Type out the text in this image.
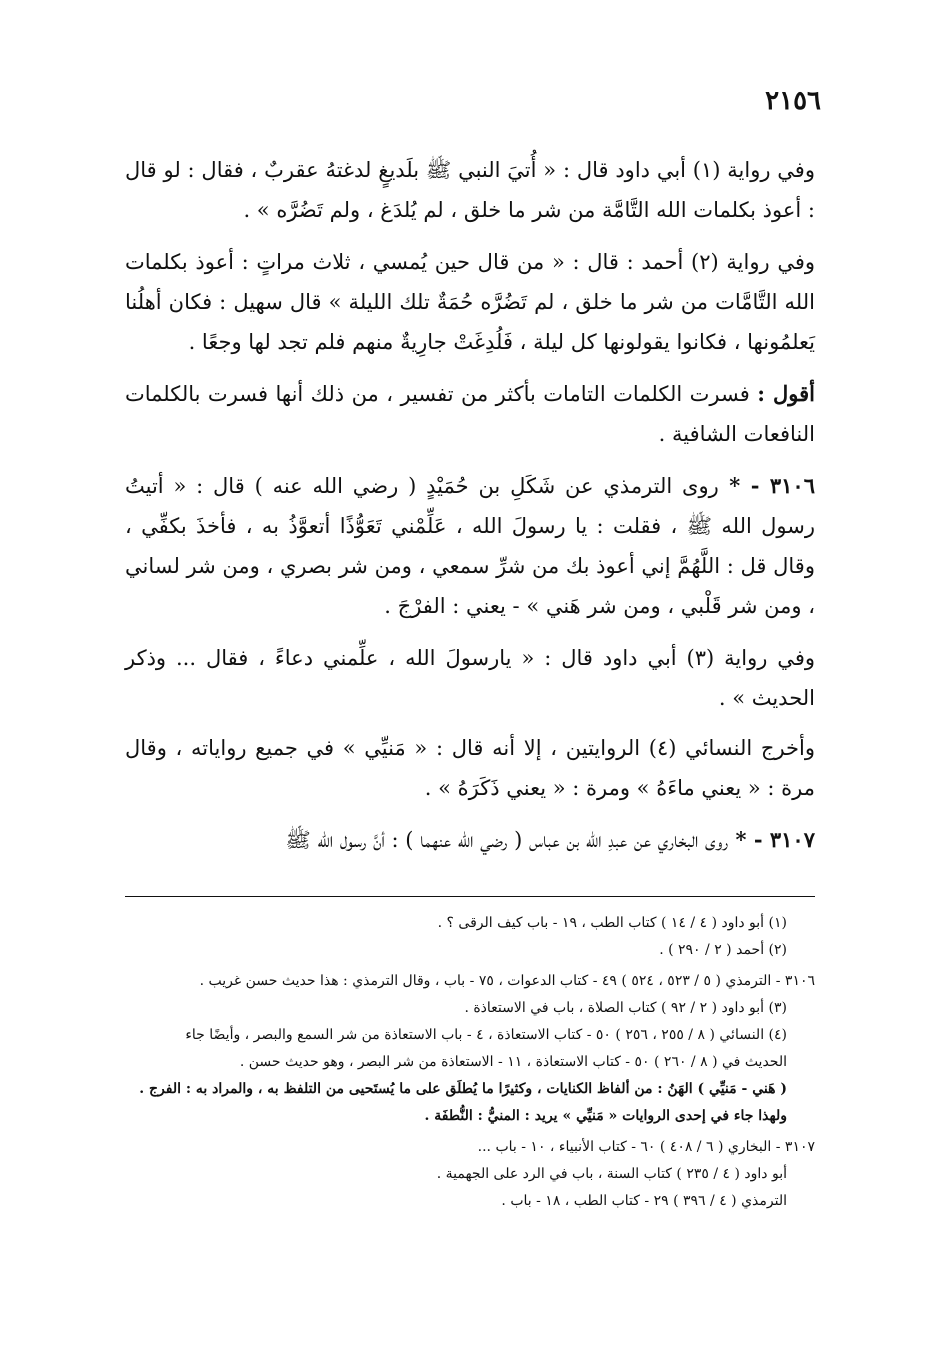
٢١٥٦

وفي رواية (١) أبي داود قال : « أُتيَ النبي ﷺ بلَديغٍ لدغتهُ عقربٌ ، فقال : لو قال : أعوذ بكلمات الله التَّامَّة من شر ما خلق ، لم يُلدَغ ، ولم تَضُرَّه » .

وفي رواية (٢) أحمد : قال : « من قال حين يُمسي ، ثلاث مراتٍ : أعوذ بكلمات الله التَّامَّات من شر ما خلق ، لم تَضُرَّه حُمَةٌ تلك الليلة » قال سهيل : فكان أهلُنا يَعلمُونها ، فكانوا يقولونها كل ليلة ، فَلُدِغَتْ جارِيةٌ منهم فلم تجد لها وجعًا .

أقول : فسرت الكلمات التامات بأكثر من تفسير ، من ذلك أنها فسرت بالكلمات النافعات الشافية .

٣١٠٦ - * روى الترمذي عن شَكَلِ بن حُمَيْدٍ ( رضي الله عنه ) قال : « أتيتُ رسول الله ﷺ ، فقلت : يا رسولَ الله ، عَلِّمْني تَعَوُّذًا أتعوَّذُ به ، فأخذَ بكفِّي ، وقال قل : اللَّهُمَّ إني أعوذ بك من شرِّ سمعي ، ومن شر بصري ، ومن شر لساني ، ومن شر قَلْبي ، ومن شر هَني » - يعني : الفرْجَ .

وفي رواية (٣) أبي داود قال : « يارسولَ الله ، علِّمني دعاءً ، فقال ... وذكر الحديث » .

وأخرج النسائي (٤) الروايتين ، إلا أنه قال : « مَنيِّي » في جميع رواياته ، وقال مرة : « يعني ماءَهُ » ومرة : « يعني ذَكَرَهُ » .

٣١٠٧ - * روى البخاري عن عبدِ الله بن عباس ( رضي الله عنهما ) : أنَّ رسول الله ﷺ

(١) أبو داود ( ٤ / ١٤ ) كتاب الطب ، ١٩ - باب كيف الرقى ؟ .
(٢) أحمد ( ٢ / ٢٩٠ ) .
٣١٠٦ - الترمذي ( ٥ / ٥٢٣ ، ٥٢٤ ) ٤٩ - كتاب الدعوات ، ٧٥ - باب ، وقال الترمذي : هذا حديث حسن غريب .
(٣) أبو داود ( ٢ / ٩٢ ) كتاب الصلاة ، باب في الاستعاذة .
(٤) النسائي ( ٨ / ٢٥٥ ، ٢٥٦ ) ٥٠ - كتاب الاستعاذة ، ٤ - باب الاستعاذة من شر السمع والبصر ، وأيضًا جاء
الحديث في ( ٨ / ٢٦٠ ) ٥٠ - كتاب الاستعاذة ، ١١ - الاستعاذة من شر البصر ، وهو حديث حسن .
( هَني - مَنيِّي ) الهَنُ : من ألفاظ الكنايات ، وكثيرًا ما يُطلَق على ما يُستَحيى من التلفظ به ، والمراد به : الفرج .
ولهذا جاء في إحدى الروايات « مَنيِّي » يريد : المنيُّ : النُّطفَة .
٣١٠٧ - البخاري ( ٦ / ٤٠٨ ) ٦٠ - كتاب الأنبياء ، ١٠ - باب ...
أبو داود ( ٤ / ٢٣٥ ) كتاب السنة ، باب في الرد على الجهمية .
الترمذي ( ٤ / ٣٩٦ ) ٢٩ - كتاب الطب ، ١٨ - باب .
